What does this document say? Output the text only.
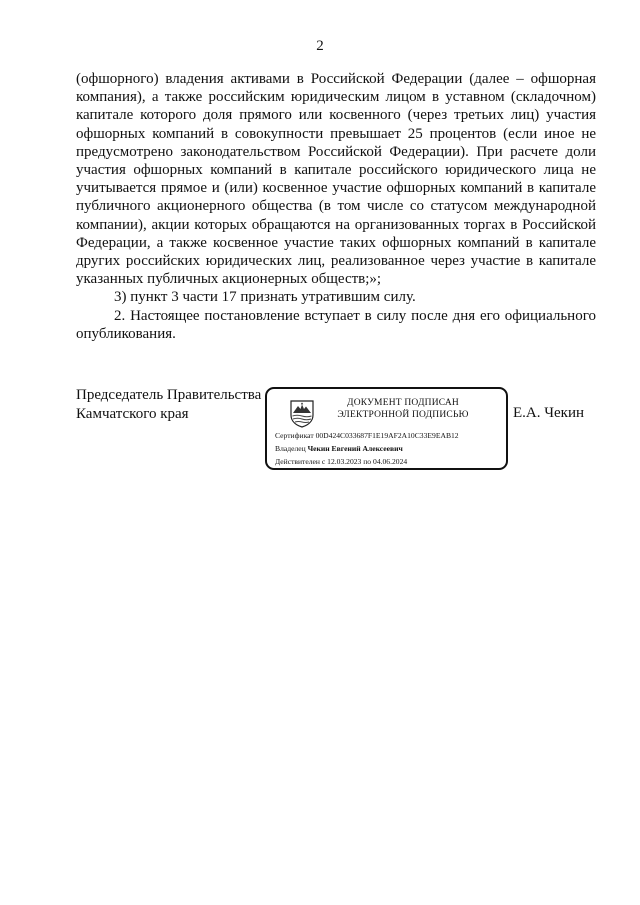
2

(офшорного) владения активами в Российской Федерации (далее – офшорная компания), а также российским юридическим лицом в уставном (складочном) капитале которого доля прямого или косвенного (через третьих лиц) участия офшорных компаний в совокупности превышает 25 процентов (если иное не предусмотрено законодательством Российской Федерации). При расчете доли участия офшорных компаний в капитале российского юридического лица не учитывается прямое и (или) косвенное участие офшорных компаний в капитале публичного акционерного общества (в том числе со статусом международной компании), акции которых обращаются на организованных торгах в Российской Федерации, а также косвенное участие таких офшорных компаний в капитале других российских юридических лиц, реализованное через участие в капитале указанных публичных акционерных обществ;»;

3) пункт 3 части 17 признать утратившим силу.

2. Настоящее постановление вступает в силу после дня его официального опубликования.

Председатель Правительства
Камчатского края	Е.А. Чекин
ДОКУМЕНТ ПОДПИСАН
ЭЛЕКТРОННОЙ ПОДПИСЬЮ
Сертификат 00D424C033687F1E19AF2A10C33E9EAB12
Владелец Чекин Евгений Алексеевич
Действителен с 12.03.2023 по 04.06.2024
